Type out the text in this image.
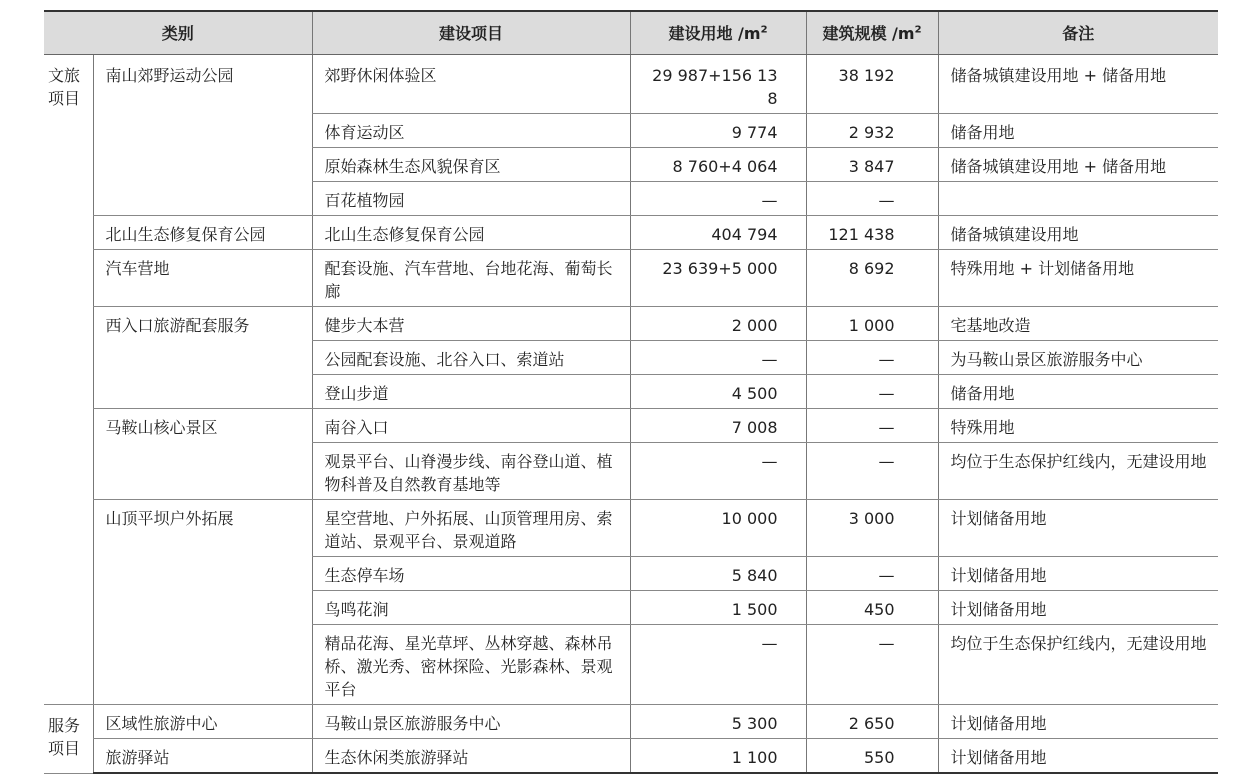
类别		建设项目	建设用地 $/m^2$	建筑规模 $/m^2$	备注
文旅项目	南山郊野运动公园	郊野休闲体验区	29 987+156 138	38 192	储备城镇建设用地 + 储备用地
		体育运动区	9 774	2 932	储备用地
		原始森林生态风貌保育区	8 760+4 064	3 847	储备城镇建设用地 + 储备用地
		百花植物园	—	—	
	北山生态修复保育公园	北山生态修复保育公园	404 794	121 438	储备城镇建设用地
	汽车营地	配套设施、汽车营地、台地花海、葡萄长廊	23 639+5 000	8 692	特殊用地 + 计划储备用地
	西入口旅游配套服务	健步大本营	2 000	1 000	宅基地改造
		公园配套设施、北谷入口、索道站	—	—	为马鞍山景区旅游服务中心
		登山步道	4 500	—	储备用地
	马鞍山核心景区	南谷入口	7 008	—	特殊用地
		观景平台、山脊漫步线、南谷登山道、植物科普及自然教育基地等	—	—	均位于生态保护红线内，无建设用地
	山顶平坝户外拓展	星空营地、户外拓展、山顶管理用房、索道站、景观平台、景观道路	10 000	3 000	计划储备用地
		生态停车场	5 840	—	计划储备用地
		鸟鸣花涧	1 500	450	计划储备用地
		精品花海、星光草坪、丛林穿越、森林吊桥、激光秀、密林探险、光影森林、景观平台	—	—	均位于生态保护红线内，无建设用地
服务项目	区域性旅游中心	马鞍山景区旅游服务中心	5 300	2 650	计划储备用地
	旅游驿站	生态休闲类旅游驿站	1 100	550	计划储备用地
